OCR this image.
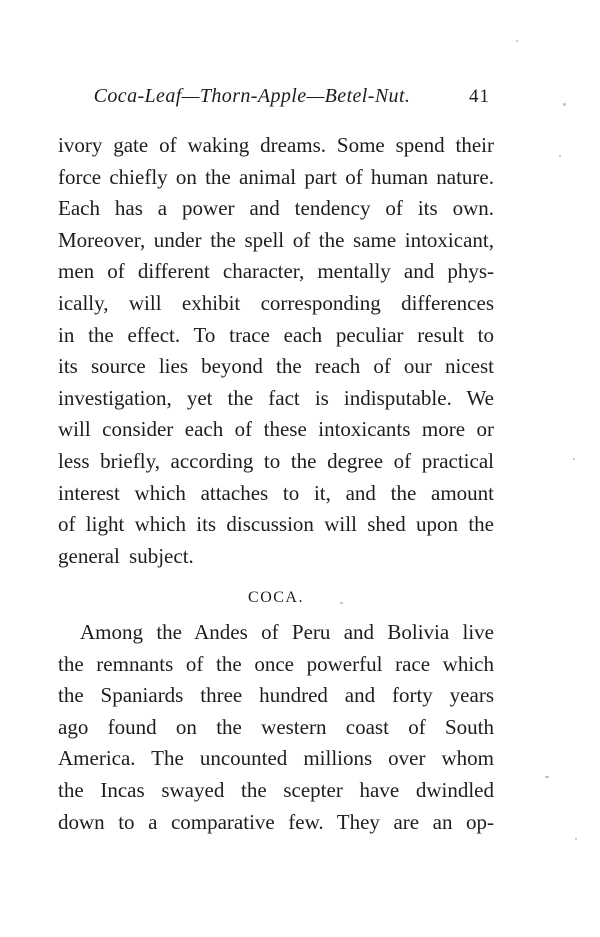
Coca-Leaf—Thorn-Apple—Betel-Nut.	41
ivory gate of waking dreams. Some spend their
force chiefly on the animal part of human nature.
Each has a power and tendency of its own.
Moreover, under the spell of the same intoxicant,
men of different character, mentally and phys-
ically, will exhibit corresponding differences
in the effect. To trace each peculiar result to
its source lies beyond the reach of our nicest
investigation, yet the fact is indisputable. We
will consider each of these intoxicants more or
less briefly, according to the degree of practical
interest which attaches to it, and the amount
of light which its discussion will shed upon the
general subject.
COCA.
Among the Andes of Peru and Bolivia live
the remnants of the once powerful race which
the Spaniards three hundred and forty years
ago found on the western coast of South
America. The uncounted millions over whom
the Incas swayed the scepter have dwindled
down to a comparative few. They are an op-
